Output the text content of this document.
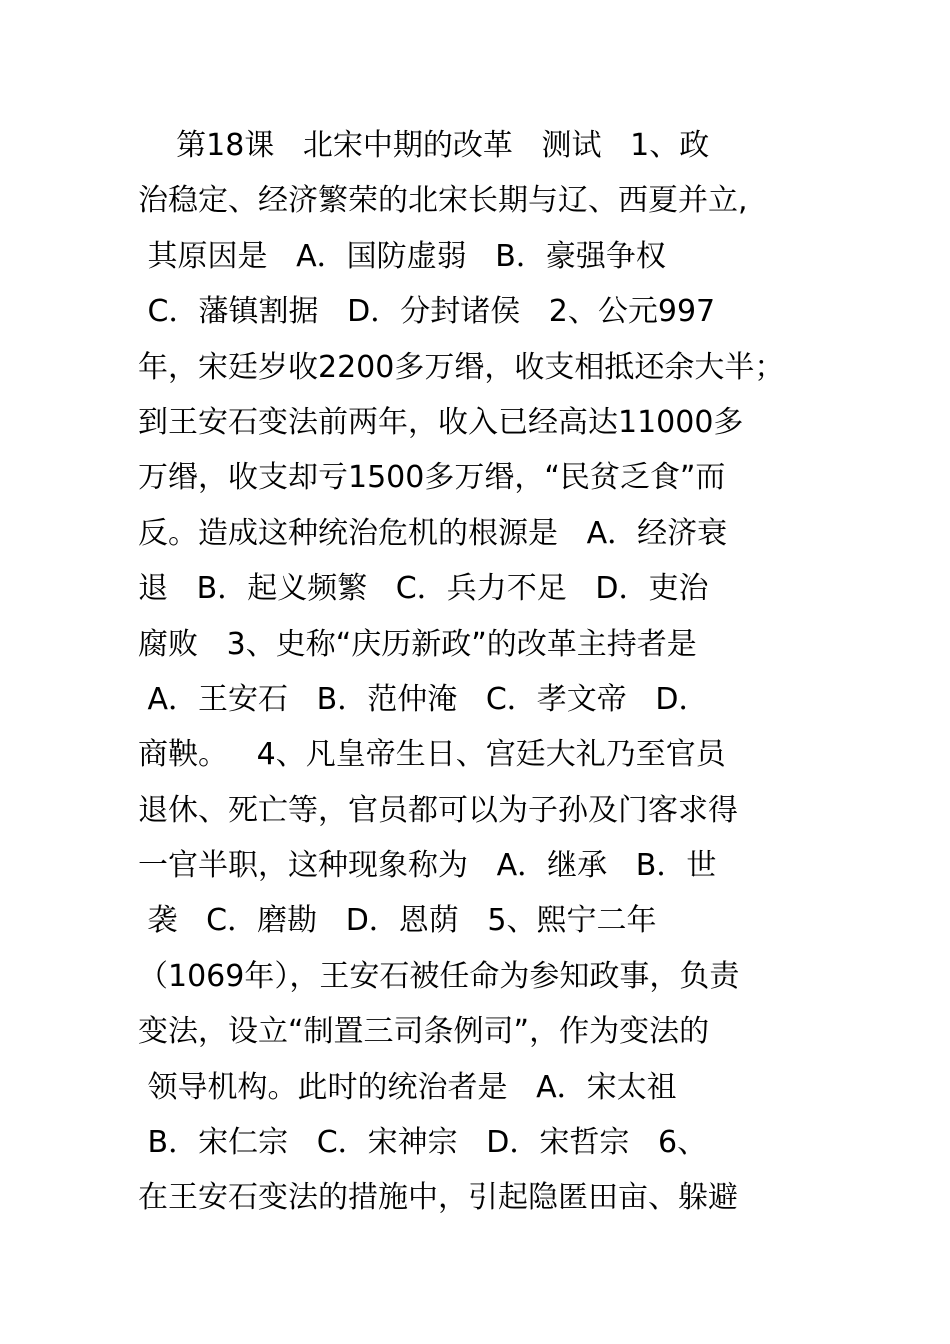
第18课   北宋中期的改革   测试   1、政
治稳定、经济繁荣的北宋长期与辽、西夏并立,
其原因是   A．国防虚弱   B．豪强争权
C．藩镇割据   D．分封诸侯   2、公元997
年，宋廷岁收2200多万缗，收支相抵还余大半；
到王安石变法前两年，收入已经高达11000多
万缗，收支却亏1500多万缗，“民贫乏食”而
反。造成这种统治危机的根源是   A．经济衰
退   B．起义频繁   C．兵力不足   D．吏治
腐败   3、史称“庆历新政”的改革主持者是
A．王安石   B．范仲淹   C．孝文帝   D．
商鞅。   4、凡皇帝生日、宫廷大礼乃至官员
退休、死亡等，官员都可以为子孙及门客求得
一官半职，这种现象称为   A．继承   B．世
袭   C．磨勘   D．恩荫   5、熙宁二年
（1069年），王安石被任命为参知政事，负责
变法，设立“制置三司条例司”，作为变法的
领导机构。此时的统治者是   A．宋太祖
B．宋仁宗   C．宋神宗   D．宋哲宗   6、
在王安石变法的措施中，引起隐匿田亩、躲避
